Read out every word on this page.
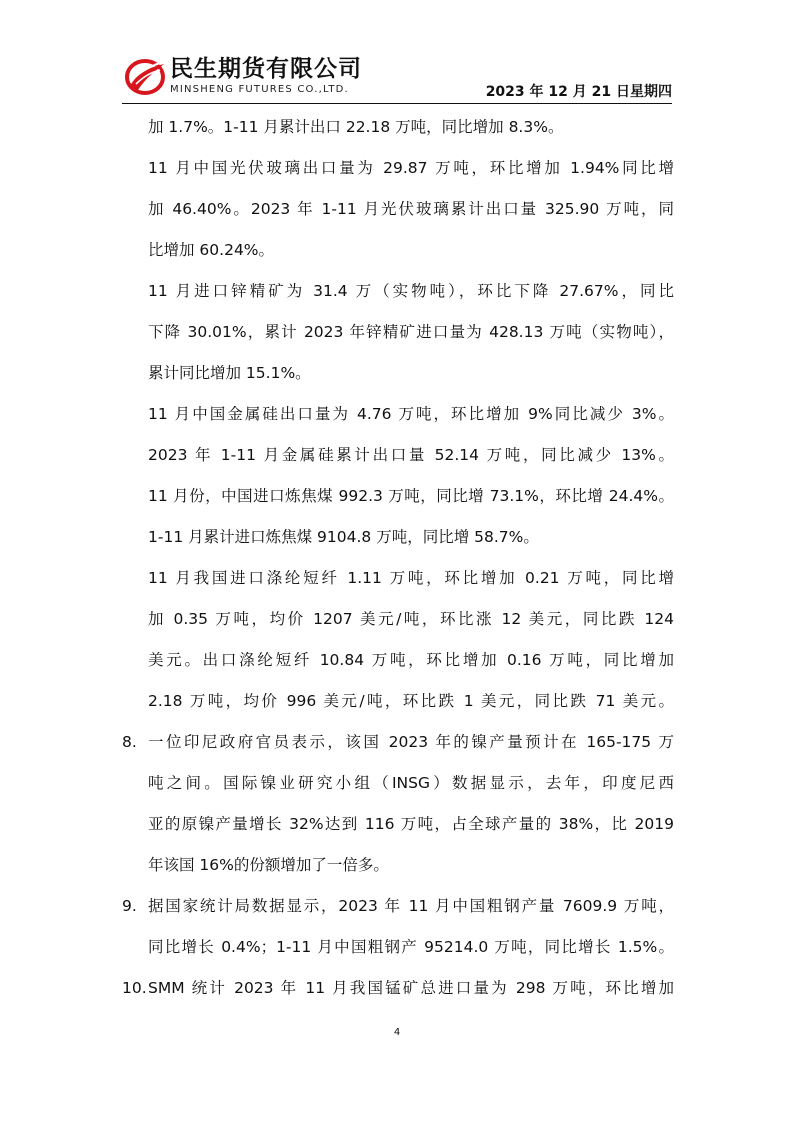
民生期货有限公司
MINSHENG FUTURES CO.,LTD.	2023 年 12 月 21 日星期四
加 1.7%。1-11 月累计出口 22.18 万吨，同比增加 8.3%。
11 月中国光伏玻璃出口量为 29.87 万吨，环比增加 1.94%同比增
加 46.40%。2023 年 1-11 月光伏玻璃累计出口量 325.90 万吨，同
比增加 60.24%。
11 月进口锌精矿为 31.4 万（实物吨），环比下降 27.67%，同比
下降 30.01%，累计 2023 年锌精矿进口量为 428.13 万吨（实物吨），
累计同比增加 15.1%。
11 月中国金属硅出口量为 4.76 万吨，环比增加 9%同比减少 3%。
2023 年 1-11 月金属硅累计出口量 52.14 万吨，同比减少 13%。
11 月份，中国进口炼焦煤 992.3 万吨，同比增 73.1%，环比增 24.4%。
1-11 月累计进口炼焦煤 9104.8 万吨，同比增 58.7%。
11 月我国进口涤纶短纤 1.11 万吨，环比增加 0.21 万吨，同比增
加 0.35 万吨，均价 1207 美元/吨，环比涨 12 美元，同比跌 124
美元。出口涤纶短纤 10.84 万吨，环比增加 0.16 万吨，同比增加
2.18 万吨，均价 996 美元/吨，环比跌 1 美元，同比跌 71 美元。
8. 一位印尼政府官员表示，该国 2023 年的镍产量预计在 165-175 万
吨之间。国际镍业研究小组（INSG）数据显示，去年，印度尼西
亚的原镍产量增长 32%达到 116 万吨，占全球产量的 38%，比 2019
年该国 16%的份额增加了一倍多。
9. 据国家统计局数据显示，2023 年 11 月中国粗钢产量 7609.9 万吨，
同比增长 0.4%；1-11 月中国粗钢产 95214.0 万吨，同比增长 1.5%。
10. SMM 统计 2023 年 11 月我国锰矿总进口量为 298 万吨，环比增加
4
